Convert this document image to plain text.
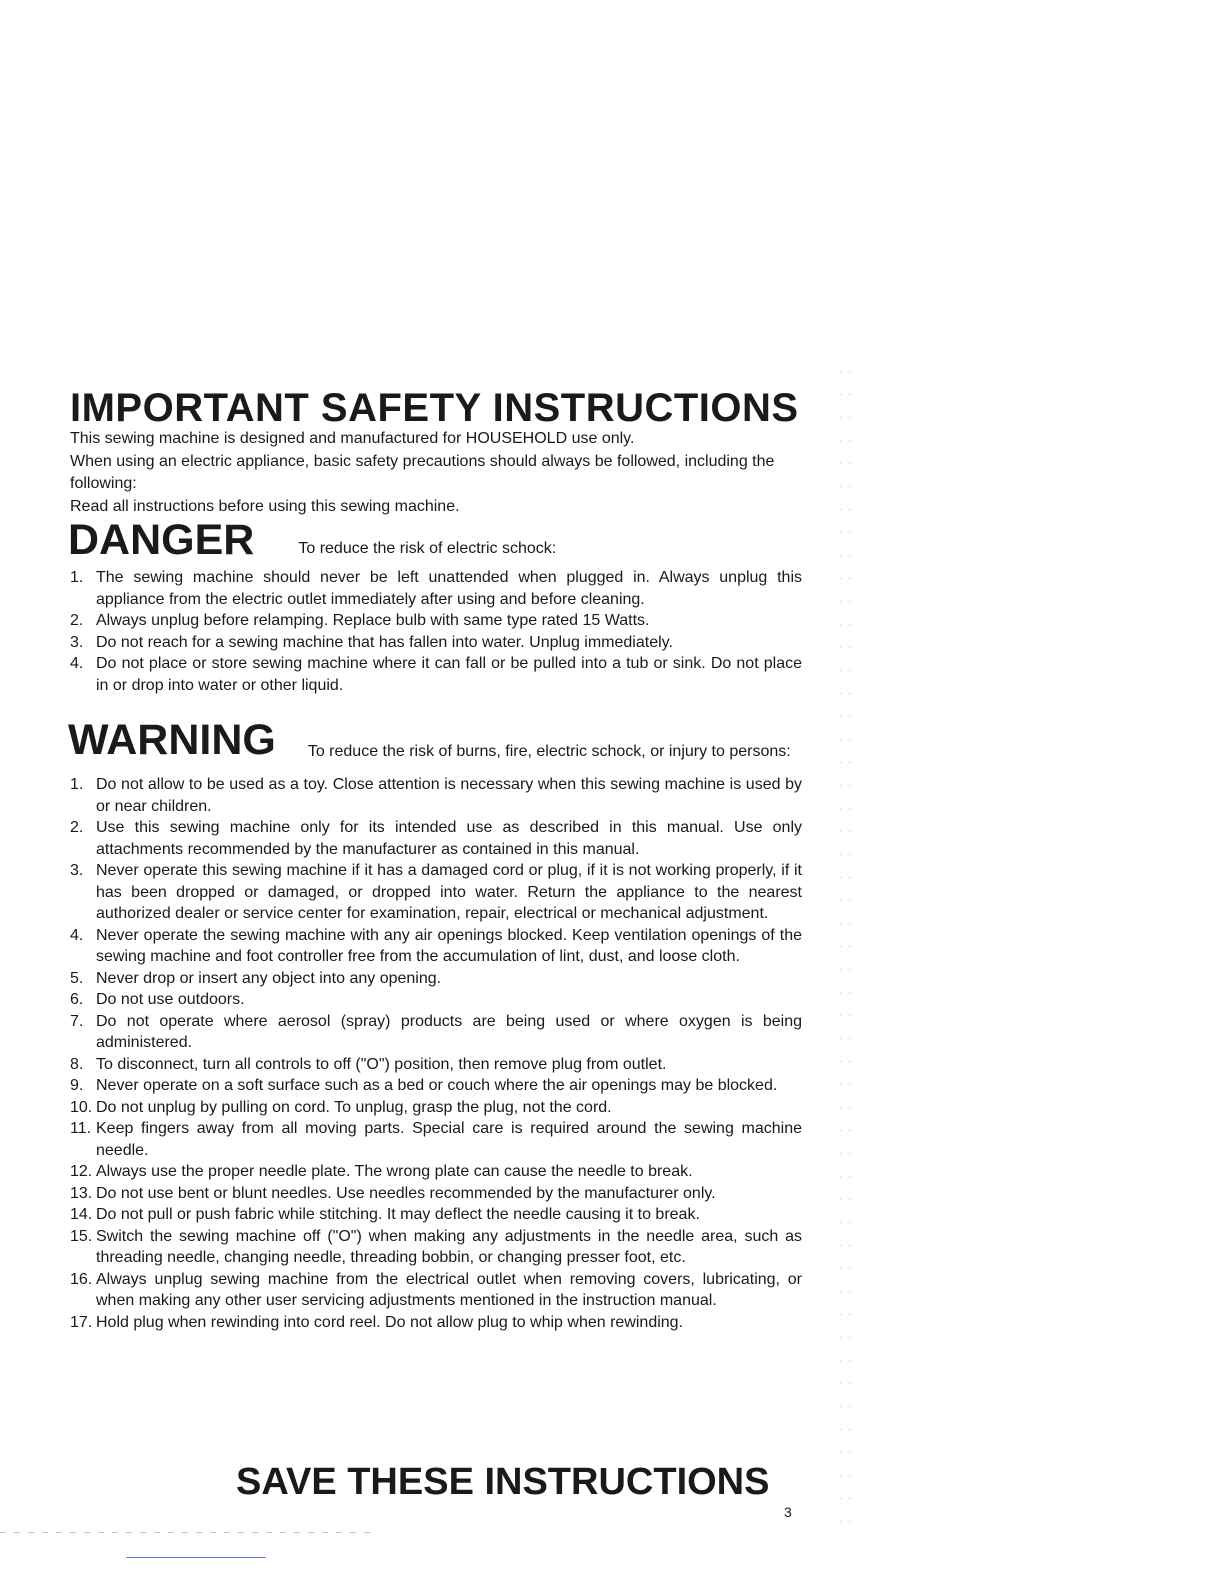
IMPORTANT SAFETY INSTRUCTIONS

This sewing machine is designed and manufactured for HOUSEHOLD use only.

When using an electric appliance, basic safety precautions should always be followed, including the following:

Read all instructions before using this sewing machine.

DANGER	To reduce the risk of electric schock:
1. The sewing machine should never be left unattended when plugged in. Always unplug this appliance from the electric outlet immediately after using and before cleaning.
2. Always unplug before relamping. Replace bulb with same type rated 15 Watts.
3. Do not reach for a sewing machine that has fallen into water. Unplug immediately.
4. Do not place or store sewing machine where it can fall or be pulled into a tub or sink. Do not place in or drop into water or other liquid.
WARNING To reduce the risk of burns, fire, electric schock, or injury to persons:
1. Do not allow to be used as a toy. Close attention is necessary when this sewing machine is used by or near children.
2. Use this sewing machine only for its intended use as described in this manual. Use only attachments recommended by the manufacturer as contained in this manual.
3. Never operate this sewing machine if it has a damaged cord or plug, if it is not working properly, if it has been dropped or damaged, or dropped into water. Return the appliance to the nearest authorized dealer or service center for examination, repair, electrical or mechanical adjustment.
4. Never operate the sewing machine with any air openings blocked. Keep ventilation openings of the sewing machine and foot controller free from the accumulation of lint, dust, and loose cloth.
5. Never drop or insert any object into any opening.
6. Do not use outdoors.
7. Do not operate where aerosol (spray) products are being used or where oxygen is being administered.
8. To disconnect, turn all controls to off ("O") position, then remove plug from outlet.
9. Never operate on a soft surface such as a bed or couch where the air openings may be blocked.
10. Do not unplug by pulling on cord. To unplug, grasp the plug, not the cord.
11. Keep fingers away from all moving parts. Special care is required around the sewing machine needle.
12. Always use the proper needle plate. The wrong plate can cause the needle to break.
13. Do not use bent or blunt needles. Use needles recommended by the manufacturer only.
14. Do not pull or push fabric while stitching. It may deflect the needle causing it to break.
15. Switch the sewing machine off ("O") when making any adjustments in the needle area, such as threading needle, changing needle, threading bobbin, or changing presser foot, etc.
16. Always unplug sewing machine from the electrical outlet when removing covers, lubricating, or when making any other user servicing adjustments mentioned in the instruction manual.
17. Hold plug when rewinding into cord reel. Do not allow plug to whip when rewinding.
SAVE THESE INSTRUCTIONS
3
